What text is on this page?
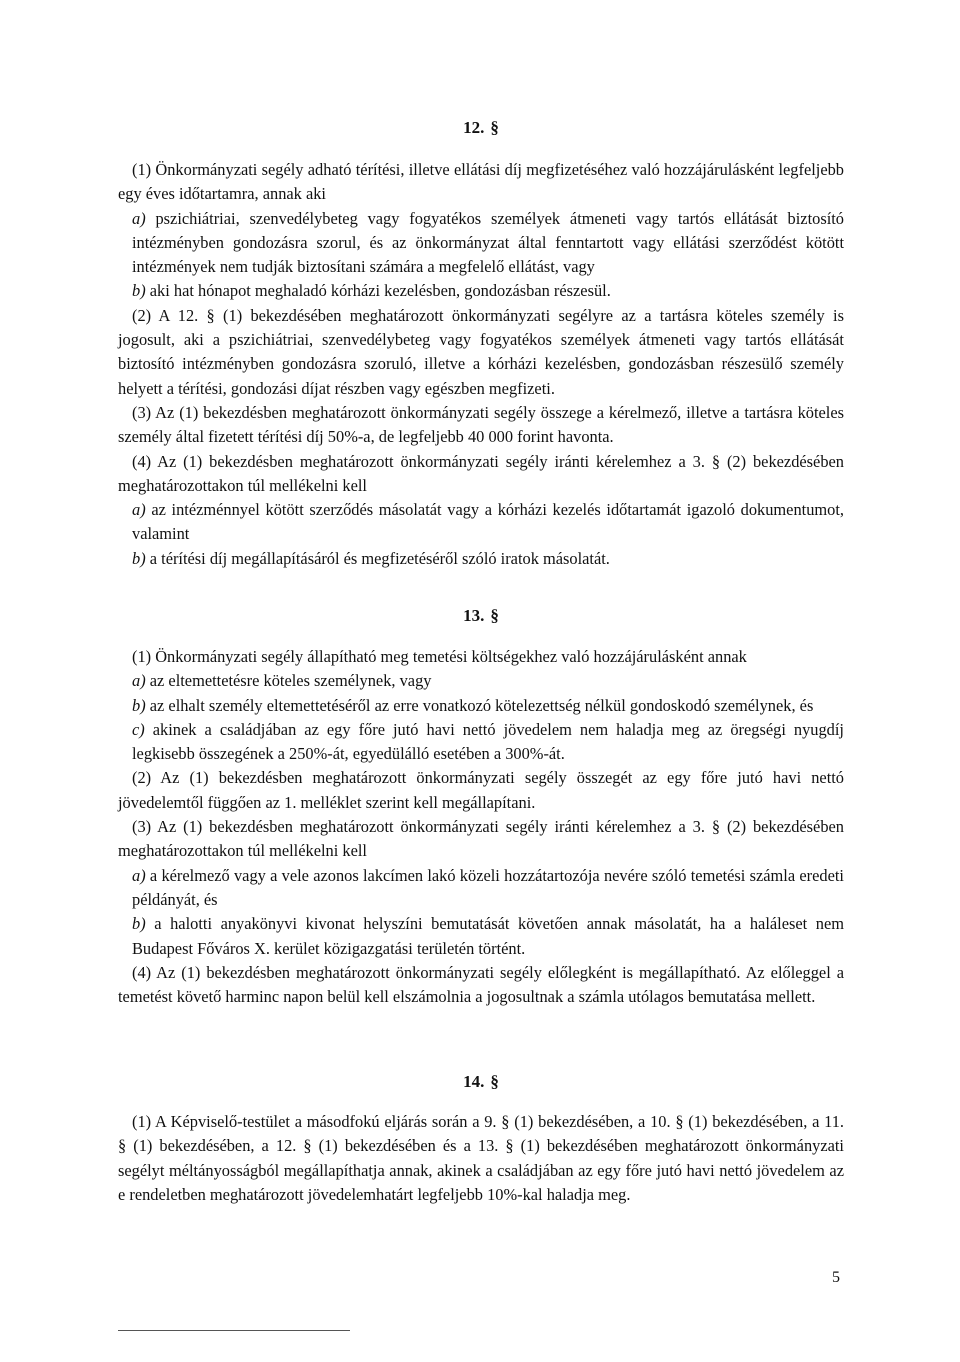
12. §

(1) Önkormányzati segély adható térítési, illetve ellátási díj megfizetéséhez való hozzájárulásként legfeljebb egy éves időtartamra, annak aki

a) pszichiátriai, szenvedélybeteg vagy fogyatékos személyek átmeneti vagy tartós ellátását biztosító intézményben gondozásra szorul, és az önkormányzat által fenntartott vagy ellátási szerződést kötött intézmények nem tudják biztosítani számára a megfelelő ellátást, vagy

b) aki hat hónapot meghaladó kórházi kezelésben, gondozásban részesül.

(2) A 12. § (1) bekezdésében meghatározott önkormányzati segélyre az a tartásra köteles személy is jogosult, aki a pszichiátriai, szenvedélybeteg vagy fogyatékos személyek átmeneti vagy tartós ellátását biztosító intézményben gondozásra szoruló, illetve a kórházi kezelésben, gondozásban részesülő személy helyett a térítési, gondozási díjat részben vagy egészben megfizeti.

(3) Az (1) bekezdésben meghatározott önkormányzati segély összege a kérelmező, illetve a tartásra köteles személy által fizetett térítési díj 50%-a, de legfeljebb 40 000 forint havonta.

(4) Az (1) bekezdésben meghatározott önkormányzati segély iránti kérelemhez a 3. § (2) bekezdésében meghatározottakon túl mellékelni kell

a) az intézménnyel kötött szerződés másolatát vagy a kórházi kezelés időtartamát igazoló dokumentumot, valamint

b) a térítési díj megállapításáról és megfizetéséről szóló iratok másolatát.

13. §

(1) Önkormányzati segély állapítható meg temetési költségekhez való hozzájárulásként annak

a) az eltemettetésre köteles személynek, vagy

b) az elhalt személy eltemettetéséről az erre vonatkozó kötelezettség nélkül gondoskodó személynek, és

c) akinek a családjában az egy főre jutó havi nettó jövedelem nem haladja meg az öregségi nyugdíj legkisebb összegének a 250%-át, egyedülálló esetében a 300%-át.

(2) Az (1) bekezdésben meghatározott önkormányzati segély összegét az egy főre jutó havi nettó jövedelemtől függően az 1. melléklet szerint kell megállapítani.

(3) Az (1) bekezdésben meghatározott önkormányzati segély iránti kérelemhez a 3. § (2) bekezdésében meghatározottakon túl mellékelni kell

a) a kérelmező vagy a vele azonos lakcímen lakó közeli hozzátartozója nevére szóló temetési számla eredeti példányát, és

b) a halotti anyakönyvi kivonat helyszíni bemutatását követően annak másolatát, ha a haláleset nem Budapest Főváros X. kerület közigazgatási területén történt.

(4) Az (1) bekezdésben meghatározott önkormányzati segély előlegként is megállapítható. Az előleggel a temetést követő harminc napon belül kell elszámolnia a jogosultnak a számla utólagos bemutatása mellett.

14. §

(1) A Képviselő-testület a másodfokú eljárás során a 9. § (1) bekezdésében, a 10. § (1) bekezdésében, a 11. § (1) bekezdésében, a 12. § (1) bekezdésében és a 13. § (1) bekezdésében meghatározott önkormányzati segélyt méltányosságból megállapíthatja annak, akinek a családjában az egy főre jutó havi nettó jövedelem az e rendeletben meghatározott jövedelemhatárt legfeljebb 10%-kal haladja meg.

5
